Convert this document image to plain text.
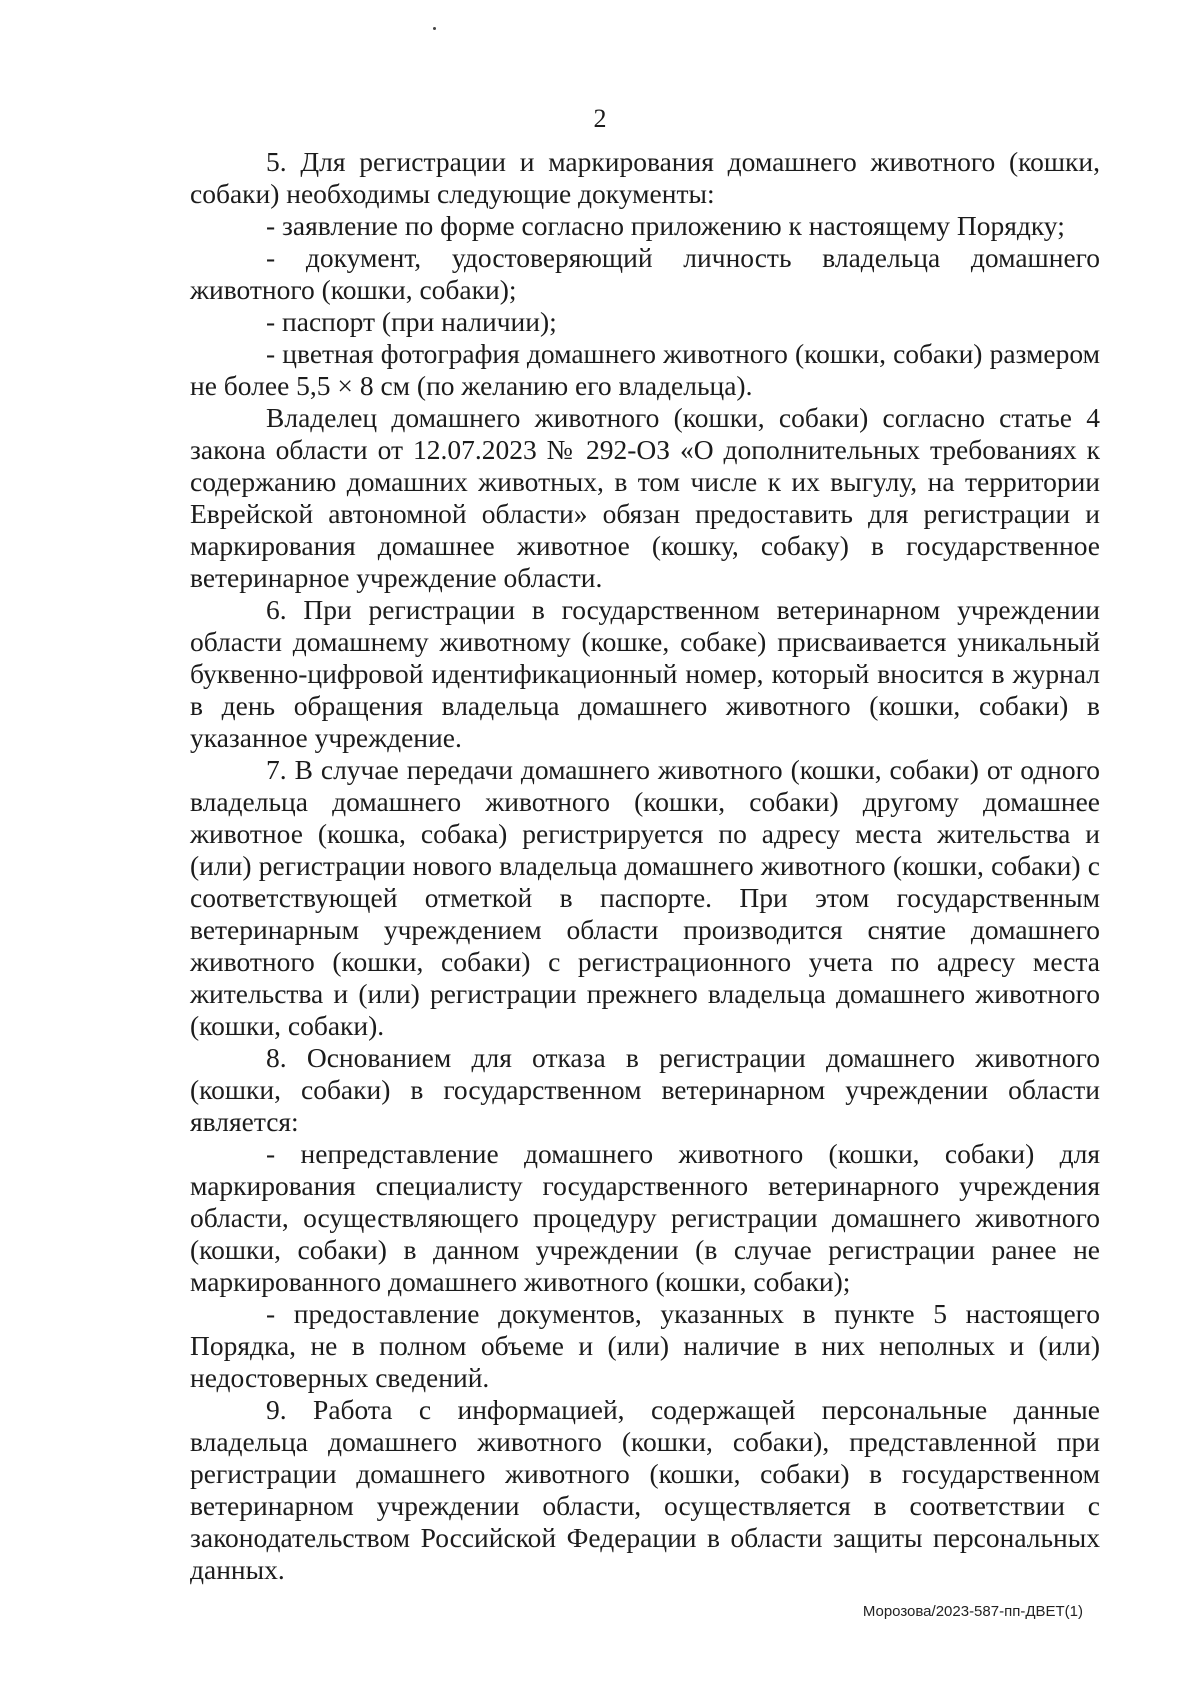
2

5. Для регистрации и маркирования домашнего животного (кошки, собаки) необходимы следующие документы:

- заявление по форме согласно приложению к настоящему Порядку;

- документ, удостоверяющий личность владельца домашнего животного (кошки, собаки);

- паспорт (при наличии);

- цветная фотография домашнего животного (кошки, собаки) размером не более 5,5 × 8 см (по желанию его владельца).

Владелец домашнего животного (кошки, собаки) согласно статье 4 закона области от 12.07.2023 № 292-ОЗ «О дополнительных требованиях к содержанию домашних животных, в том числе к их выгулу, на территории Еврейской автономной области» обязан предоставить для регистрации и маркирования домашнее животное (кошку, собаку) в государственное ветеринарное учреждение области.

6. При регистрации в государственном ветеринарном учреждении области домашнему животному (кошке, собаке) присваивается уникальный буквенно-цифровой идентификационный номер, который вносится в журнал в день обращения владельца домашнего животного (кошки, собаки) в указанное учреждение.

7. В случае передачи домашнего животного (кошки, собаки) от одного владельца домашнего животного (кошки, собаки) другому домашнее животное (кошка, собака) регистрируется по адресу места жительства и (или) регистрации нового владельца домашнего животного (кошки, собаки) с соответствующей отметкой в паспорте. При этом государственным ветеринарным учреждением области производится снятие домашнего животного (кошки, собаки) с регистрационного учета по адресу места жительства и (или) регистрации прежнего владельца домашнего животного (кошки, собаки).

8. Основанием для отказа в регистрации домашнего животного (кошки, собаки) в государственном ветеринарном учреждении области является:

- непредставление домашнего животного (кошки, собаки) для маркирования специалисту государственного ветеринарного учреждения области, осуществляющего процедуру регистрации домашнего животного (кошки, собаки) в данном учреждении (в случае регистрации ранее не маркированного домашнего животного (кошки, собаки);

- предоставление документов, указанных в пункте 5 настоящего Порядка, не в полном объеме и (или) наличие в них неполных и (или) недостоверных сведений.

9. Работа с информацией, содержащей персональные данные владельца домашнего животного (кошки, собаки), представленной при регистрации домашнего животного (кошки, собаки) в государственном ветеринарном учреждении области, осуществляется в соответствии с законодательством Российской Федерации в области защиты персональных данных.

Морозова/2023-587-пп-ДВЕТ(1)
